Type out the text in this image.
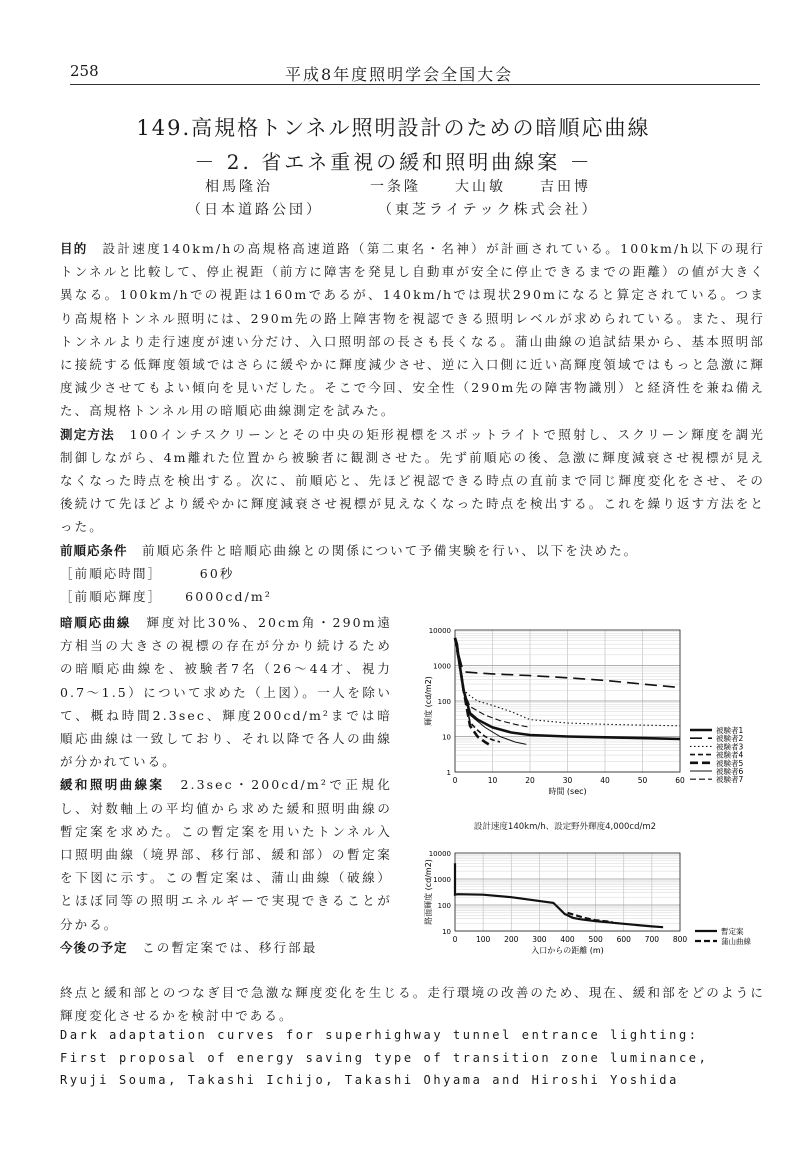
258	平成8年度照明学会全国大会
149.高規格トンネル照明設計のための暗順応曲線
－ 2. 省エネ重視の緩和照明曲線案 －
相馬隆治	一条隆　　大山敏　　吉田博
（日本道路公団）	（東芝ライテック株式会社）

目的　 設計速度140km/hの高規格高速道路（第二東名・名神）が計画されている。100km/h以下の現行トンネルと比較して、停止視距（前方に障害を発見し自動車が安全に停止できるまでの距離）の値が大きく異なる。100km/hでの視距は160mであるが、140km/hでは現状290mになると算定されている。つまり高規格トンネル照明には、290m先の路上障害物を視認できる照明レベルが求められている。また、現行トンネルより走行速度が速い分だけ、入口照明部の長さも長くなる。蒲山曲線の追試結果から、基本照明部に接続する低輝度領域ではさらに緩やかに輝度減少させ、逆に入口側に近い高輝度領域ではもっと急激に輝度減少させてもよい傾向を見いだした。そこで今回、安全性（290m先の障害物識別）と経済性を兼ね備えた、高規格トンネル用の暗順応曲線測定を試みた。

測定方法　 100インチスクリーンとその中央の矩形視標をスポットライトで照射し、スクリーン輝度を調光制御しながら、4m離れた位置から被験者に観測させた。先ず前順応の後、急激に輝度減衰させ視標が見えなくなった時点を検出する。次に、前順応と、先ほど視認できる時点の直前まで同じ輝度変化をさせ、その後続けて先ほどより緩やかに輝度減衰させ視標が見えなくなった時点を検出する。これを繰り返す方法をとった。

前順応条件　 前順応条件と暗順応曲線との関係について予備実験を行い、以下を決めた。

［前順応時間］　　　	60秒

［前順応輝度］　　 6000cd/m²

暗順応曲線　 輝度対比30%、20cm角・290m遠方相当の大きさの視標の存在が分かり続けるための暗順応曲線を、被験者7名（26～44才、視力0.7～1.5）について求めた（上図）。一人を除いて、概ね時間2.3sec、輝度200cd/m²までは暗順応曲線は一致しており、それ以降で各人の曲線が分かれている。

緩和照明曲線案　 2.3sec・200cd/m²で正規化し、対数軸上の平均値から求めた緩和照明曲線の暫定案を求めた。この暫定案を用いたトンネル入口照明曲線（境界部、移行部、緩和部）の暫定案を下図に示す。この暫定案は、蒲山曲線（破線）とほぼ同等の照明エネルギーで実現できることが分かる。

今後の予定　 この暫定案では、移行部最

終点と緩和部とのつなぎ目で急激な輝度変化を生じる。走行環境の改善のため、現在、緩和部をどのように輝度変化させるかを検討中である。

Dark adaptation curves for superhighway tunnel entrance lighting:
First proposal of energy saving type of transition zone luminance,
Ryuji Souma, Takashi Ichijo, Takashi Ohyama and Hiroshi Yoshida
0	10	20	30	40	50	60
1
10
100
1000
10000
時間 (sec)
輝度 (cd/m2)
被験者1
被験者2
被験者3
被験者4
被験者5
被験者6
被験者7
設計速度140km/h、設定野外輝度4,000cd/m2
0 100 200 300 400 500 600 700 800
10
100
1000
10000
入口からの距離 (m)
路面輝度 (cd/m2)
暫定案
蒲山曲線
